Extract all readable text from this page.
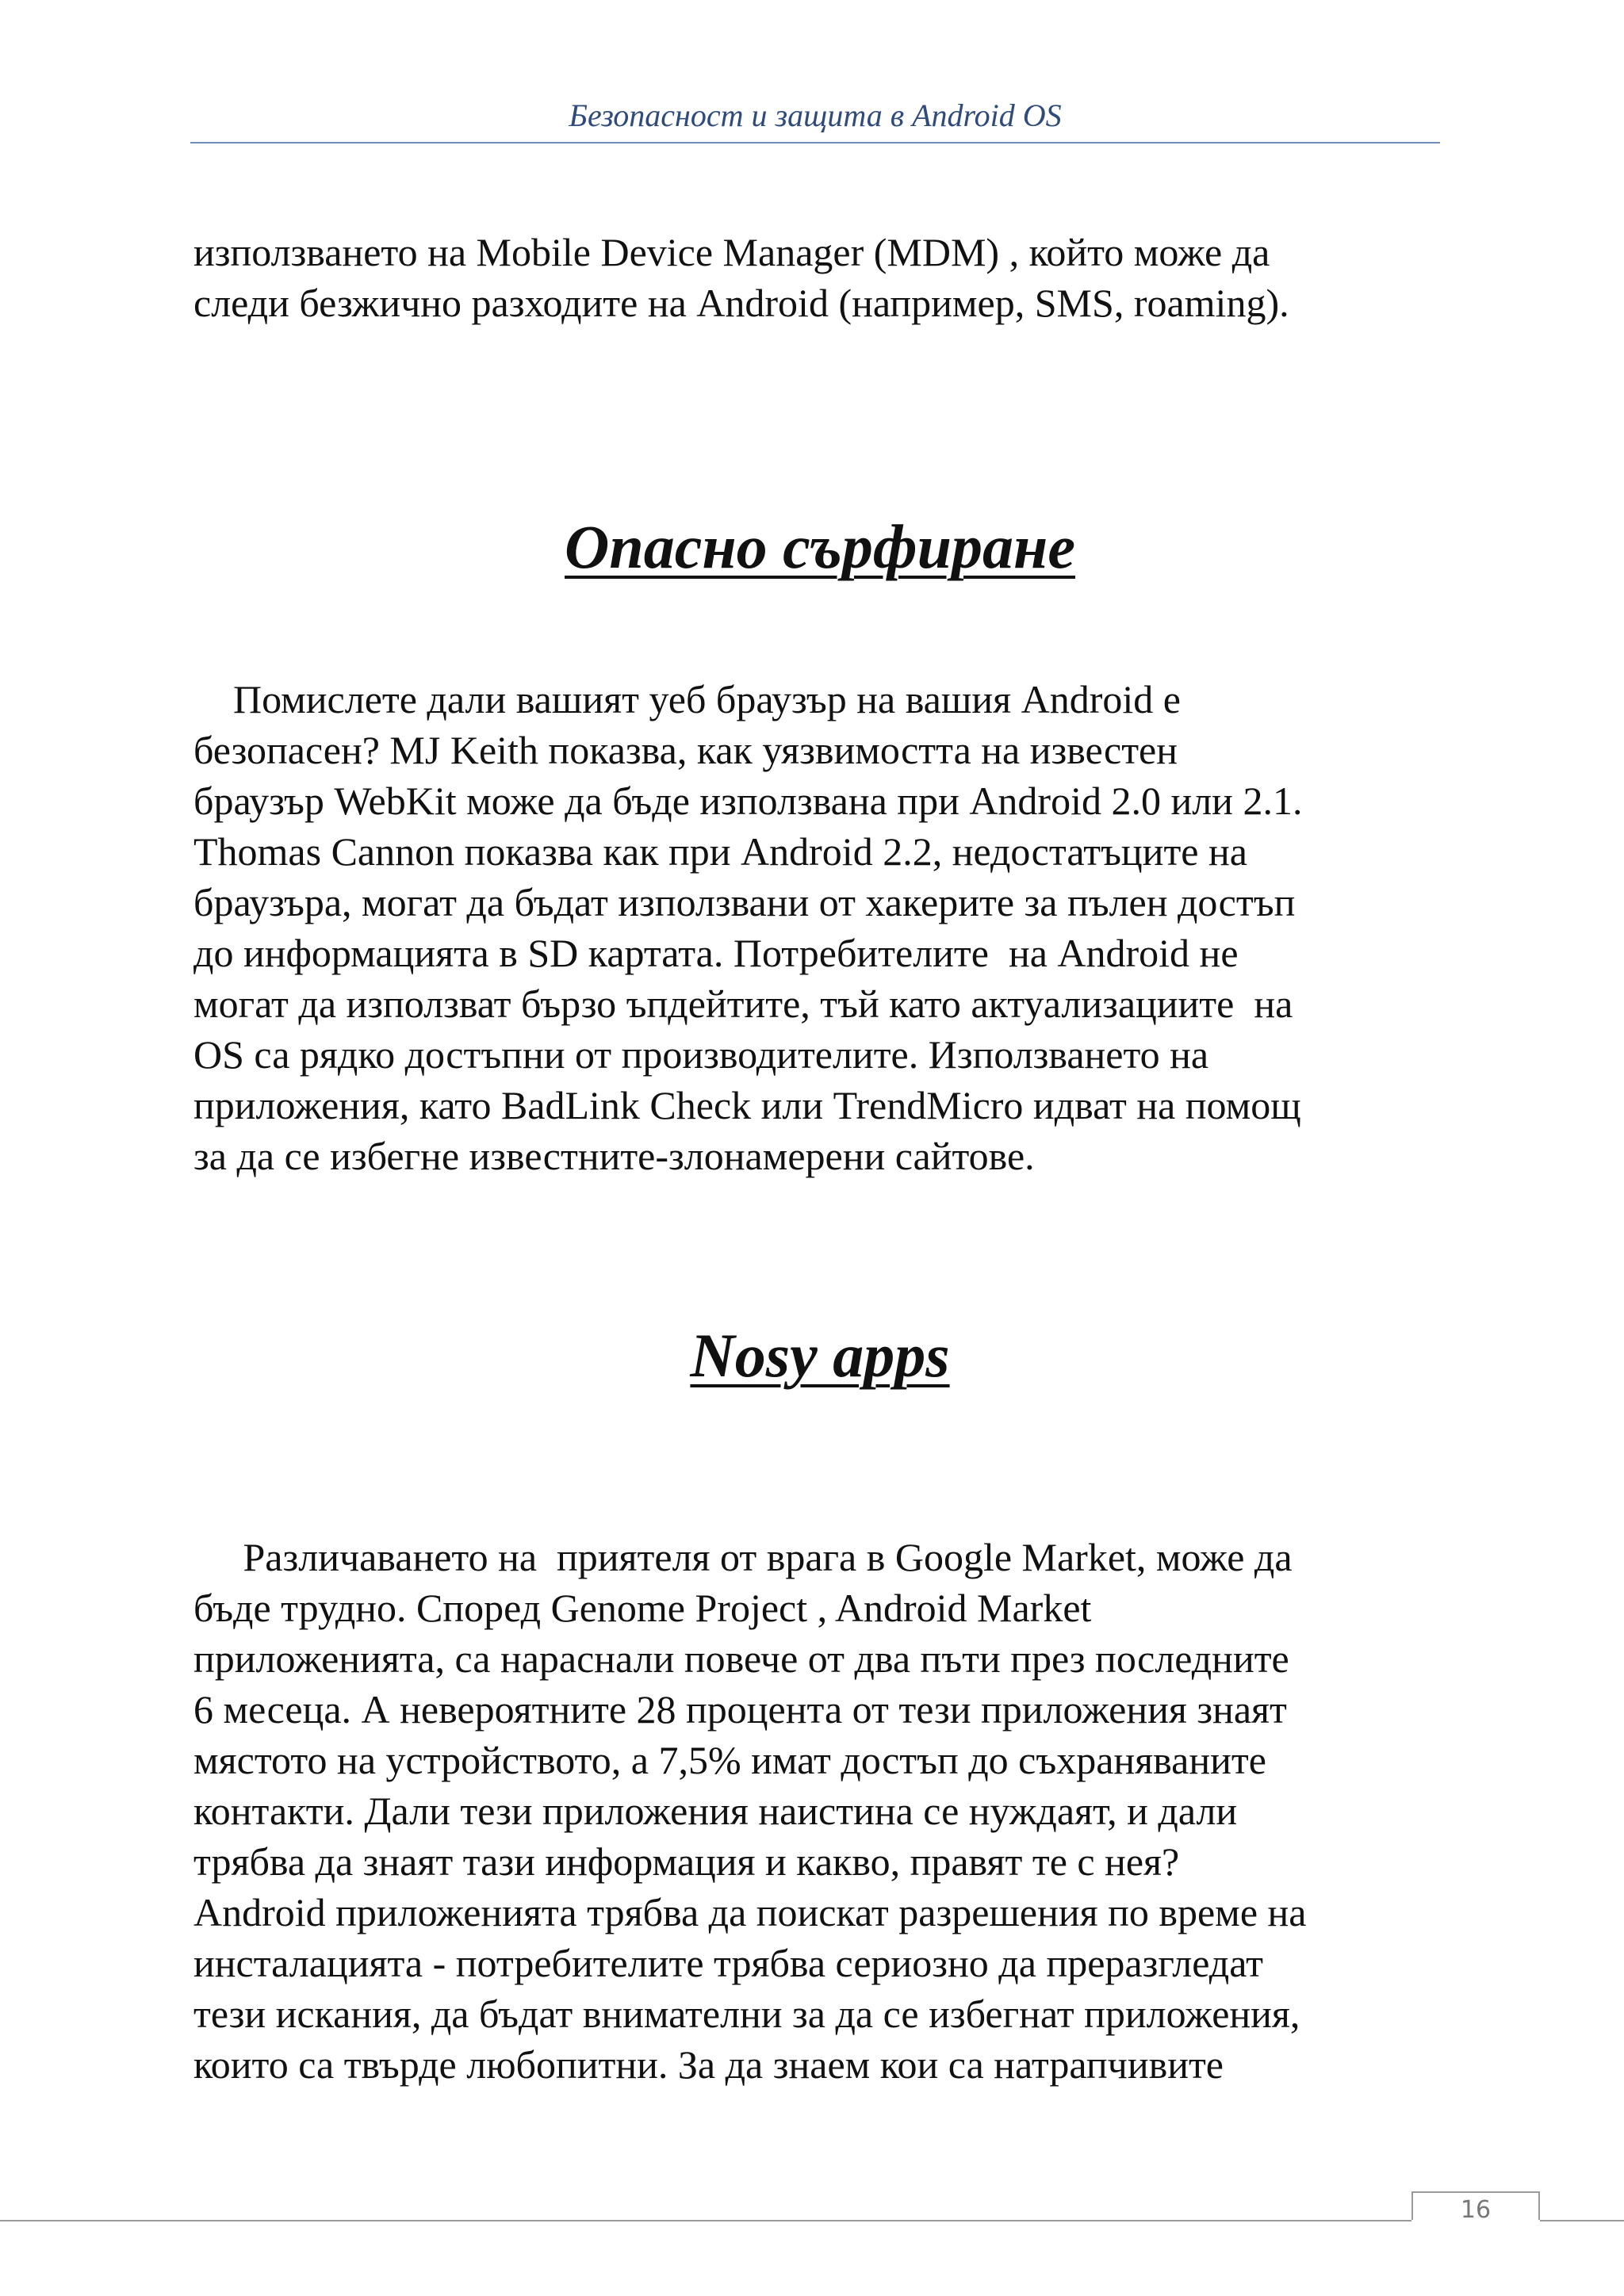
Безопасност и защита в Android OS

използването на Mobile Device Manager (MDM) , който може да
следи безжично разходите на Android (например, SMS, roaming).

Опасно сърфиране

Помислете дали вашият уеб браузър на вашия Android е
безопасен? MJ Keith показва, как уязвимостта на известен
браузър WebKit може да бъде използвана при Android 2.0 или 2.1.
Thomas Cannon показва как при Android 2.2, недостатъците на
браузъра, могат да бъдат използвани от хакерите за пълен достъп
до информацията в SD картата. Потребителите  на Android не
могат да използват бързо ъпдейтите, тъй като актуализациите  на
OS са рядко достъпни от производителите. Използването на
приложения, като BadLink Check или TrendMicro идват на помощ
за да се избегне известните-злонамерени сайтове.

Nosy apps

Различаването на  приятеля от врага в Google Market, може да
бъде трудно. Според Genome Project , Android Market
приложенията, са нараснали повече от два пъти през последните
6 месеца. А невероятните 28 процента от тези приложения знаят
мястото на устройството, а 7,5% имат достъп до съхраняваните
контакти. Дали тези приложения наистина се нуждаят, и дали
трябва да знаят тази информация и какво, правят те с нея?
Android приложенията трябва да поискат разрешения по време на
инсталацията - потребителите трябва сериозно да преразгледат
тези искания, да бъдат внимателни за да се избегнат приложения,
които са твърде любопитни. За да знаем кои са натрапчивите

16
